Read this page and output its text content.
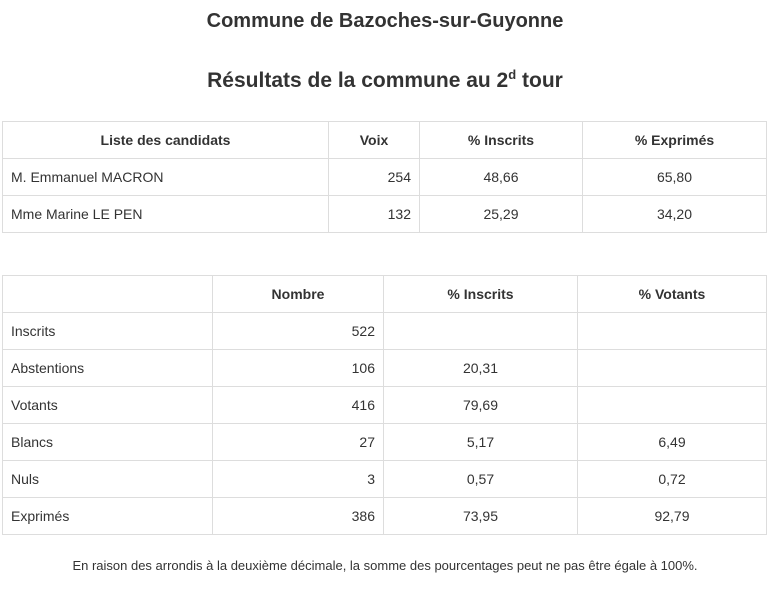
Commune de Bazoches-sur-Guyonne
Résultats de la commune au 2$^d$ tour
Liste des candidats	Voix	% Inscrits	% Exprimés
M. Emmanuel MACRON	254	48,66	65,80
Mme Marine LE PEN	132	25,29	34,20
	Nombre	% Inscrits	% Votants
Inscrits	522		
Abstentions	106	20,31	
Votants	416	79,69	
Blancs	27	5,17	6,49
Nuls	3	0,57	0,72
Exprimés	386	73,95	92,79

En raison des arrondis à la deuxième décimale, la somme des pourcentages peut ne pas être égale à 100%.
